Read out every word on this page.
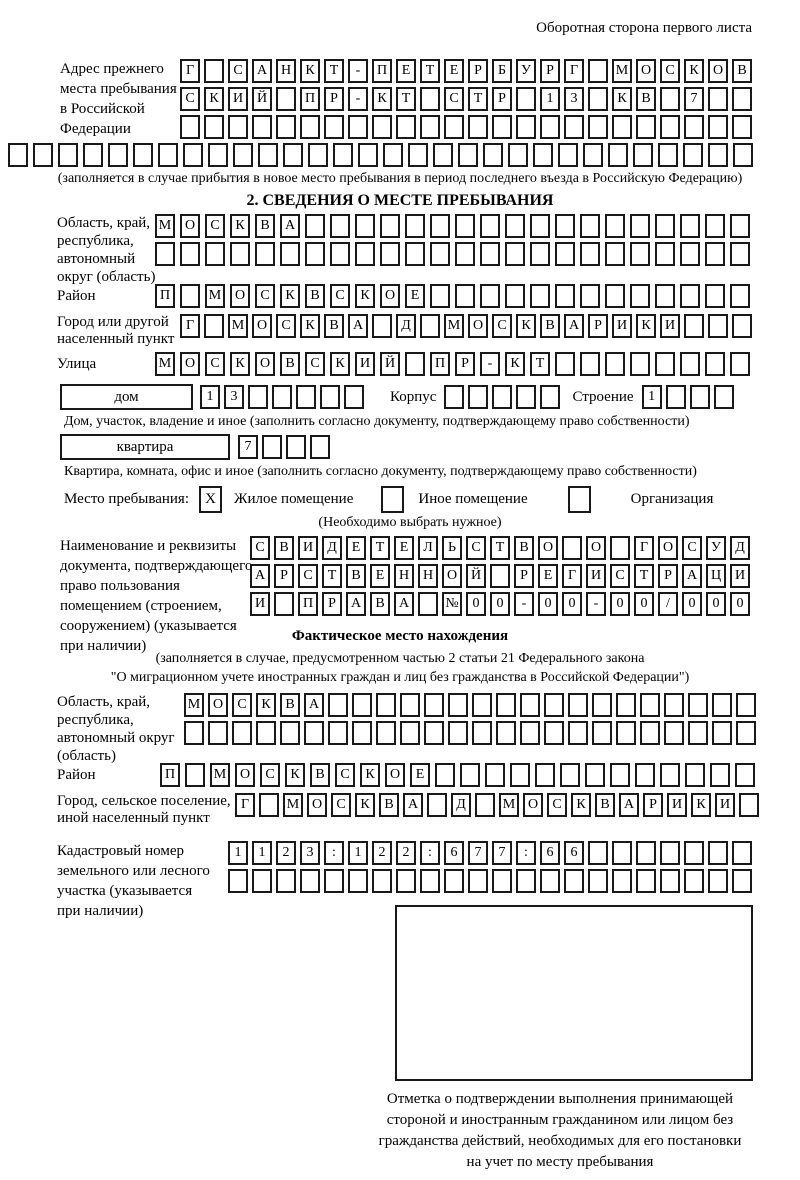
Оборотная сторона первого листа
Адрес прежнего
места пребывания
в Российской
Федерации
Г	С	А Н	К	Т	-	П	Е	Т	Е	Р	Б	У	Р	Г	М О	С	К	О	В
С	К	И Й	П	Р	-	К	Т	С	Т	Р	1	3	К	В	7
(заполняется в случае прибытия в новое место пребывания в период последнего въезда в Российскую Федерацию)
2. СВЕДЕНИЯ О МЕСТЕ ПРЕБЫВАНИЯ
Область, край,
республика,
автономный
округ (область)
М О	С	К	В	А
Район	П	М О	С	К	В	С	К	О	Е
Город или другой
населенный пункт
Г	М О	С	К	В	А	Д	М О	С	К	В	А	Р	И	К	И
Улица	М О	С	К	О	В	С	К	И	Й	П	Р	-	К	Т
дом	1	3	Корпус	Строение	1
Дом, участок, владение и иное (заполнить согласно документу, подтверждающему право собственности)
квартира	7
Квартира, комната, офис и иное (заполнить согласно документу, подтверждающему право собственности)
Место пребывания:	X	Жилое помещение	Иное помещение	Организация
(Необходимо выбрать нужное)
Наименование и реквизиты
документа, подтверждающего
право пользования
помещением (строением,
сооружением) (указывается
при наличии)
С	В	И	Д	Е	Т	Е	Л	Ь	С	Т	В	О	О	Г	О	С	У	Д
А	Р	С	Т	В	Е	Н Н О Й	Р	Е	Г	И	С	Т	Р	А Ц И
И	П	Р	А	В	А	№ 0	0	-	0	0	-	0	0	/	0	0	0
Фактическое место нахождения
(заполняется в случае, предусмотренном частью 2 статьи 21 Федерального закона
"О миграционном учете иностранных граждан и лиц без гражданства в Российской Федерации")
Область, край,
республика,
автономный округ
(область)
М О	С	К	В	А
Район	П	М О	С	К	В	С	К	О	Е
Город, сельское поселение,
иной населенный пункт
Г	М О	С	К	В	А	Д	М О	С	К	В	А	Р	И	К	И
Кадастровый номер
земельного или лесного
участка (указывается
при наличии)
1	1	2	3	:	1	2	2	:	6	7	7	:	6	6
Отметка о подтверждении выполнения принимающей
стороной и иностранным гражданином или лицом без
гражданства действий, необходимых для его постановки
на учет по месту пребывания
